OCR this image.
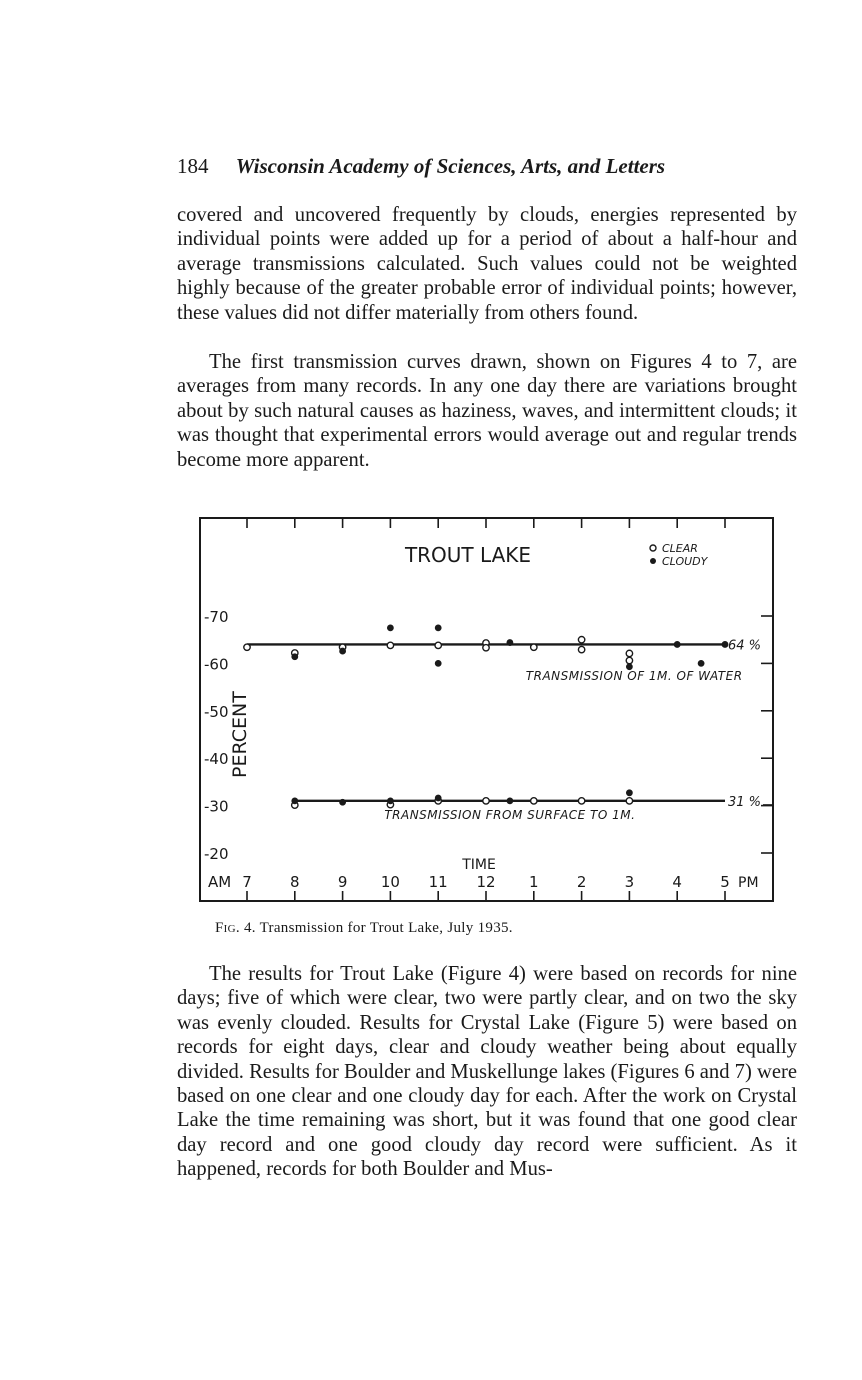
184 Wisconsin Academy of Sciences, Arts, and Letters

covered and uncovered frequently by clouds, energies represented by individual points were added up for a period of about a half-hour and average transmissions calculated. Such values could not be weighted highly because of the greater probable error of individual points; however, these values did not differ materially from others found.

The first transmission curves drawn, shown on Figures 4 to 7, are averages from many records. In any one day there are variations brought about by such natural causes as haziness, waves, and intermittent clouds; it was thought that experimental errors would average out and regular trends become more apparent.

7	8	9 10 11 12 1	2	3	4	5
AM	PM
-20
-30
-40
-50
-60
-70
PERCENT
TIME
TROUT LAKE	CLEAR
CLOUDY
64 %
31 %
TRANSMISSION OF 1M. OF WATER
TRANSMISSION FROM SURFACE TO 1M.
Fig. 4. Transmission for Trout Lake, July 1935.

The results for Trout Lake (Figure 4) were based on records for nine days; five of which were clear, two were partly clear, and on two the sky was evenly clouded. Results for Crystal Lake (Figure 5) were based on records for eight days, clear and cloudy weather being about equally divided. Results for Boulder and Muskellunge lakes (Figures 6 and 7) were based on one clear and one cloudy day for each. After the work on Crystal Lake the time remaining was short, but it was found that one good clear day record and one good cloudy day record were sufficient. As it happened, records for both Boulder and Mus-
